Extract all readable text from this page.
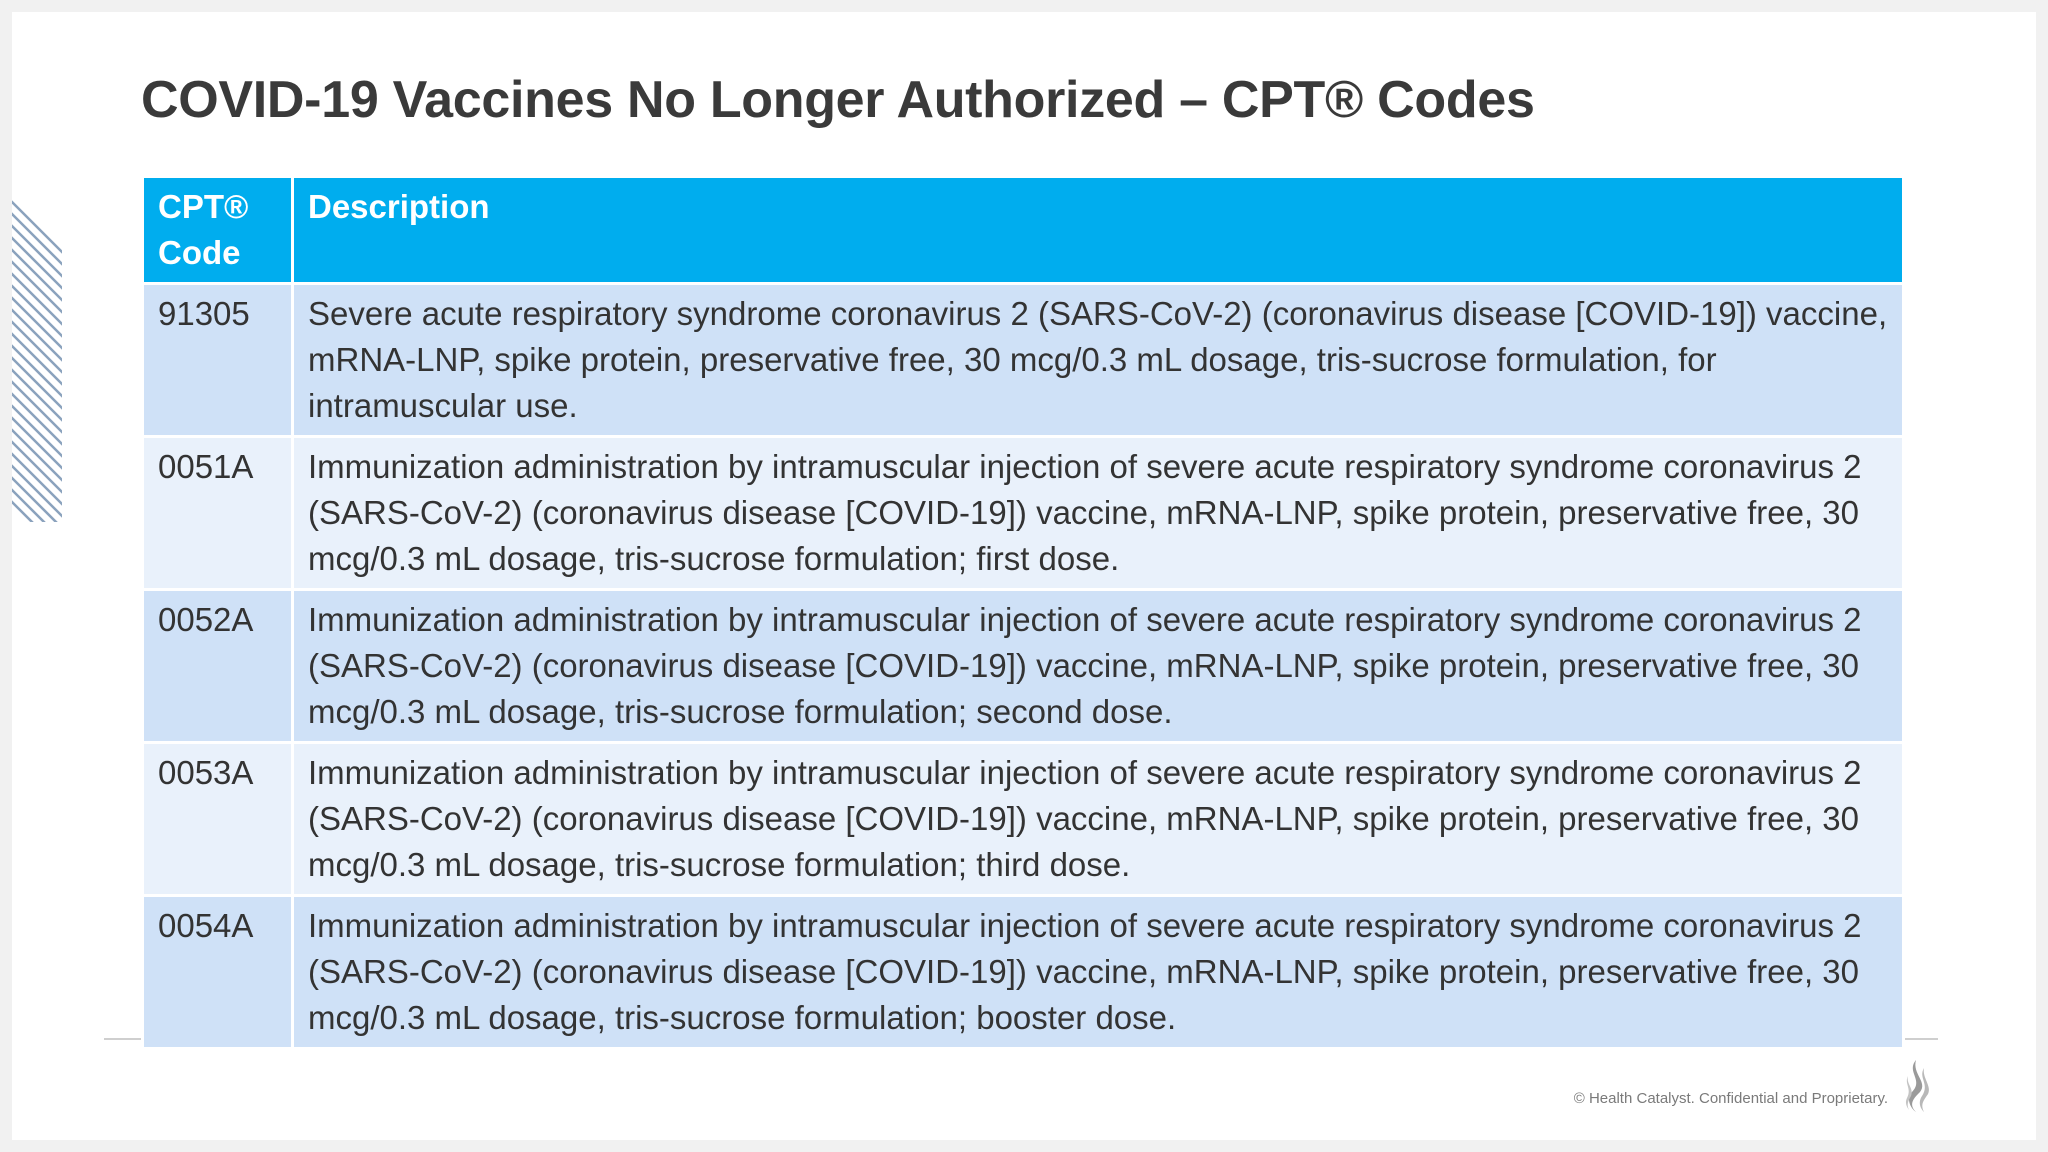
COVID-19 Vaccines No Longer Authorized – CPT® Codes
CPT® Code	Description
91305	Severe acute respiratory syndrome coronavirus 2 (SARS-CoV-2) (coronavirus disease [COVID-19]) vaccine, mRNA-LNP, spike protein, preservative free, 30 mcg/0.3 mL dosage, tris-sucrose formulation, for intramuscular use.
0051A	Immunization administration by intramuscular injection of severe acute respiratory syndrome coronavirus 2 (SARS-CoV-2) (coronavirus disease [COVID-19]) vaccine, mRNA-LNP, spike protein, preservative free, 30 mcg/0.3 mL dosage, tris-sucrose formulation; first dose.
0052A	Immunization administration by intramuscular injection of severe acute respiratory syndrome coronavirus 2 (SARS-CoV-2) (coronavirus disease [COVID-19]) vaccine, mRNA-LNP, spike protein, preservative free, 30 mcg/0.3 mL dosage, tris-sucrose formulation; second dose.
0053A	Immunization administration by intramuscular injection of severe acute respiratory syndrome coronavirus 2 (SARS-CoV-2) (coronavirus disease [COVID-19]) vaccine, mRNA-LNP, spike protein, preservative free, 30 mcg/0.3 mL dosage, tris-sucrose formulation; third dose.
0054A	Immunization administration by intramuscular injection of severe acute respiratory syndrome coronavirus 2 (SARS-CoV-2) (coronavirus disease [COVID-19]) vaccine, mRNA-LNP, spike protein, preservative free, 30 mcg/0.3 mL dosage, tris-sucrose formulation; booster dose.
© Health Catalyst. Confidential and Proprietary.
